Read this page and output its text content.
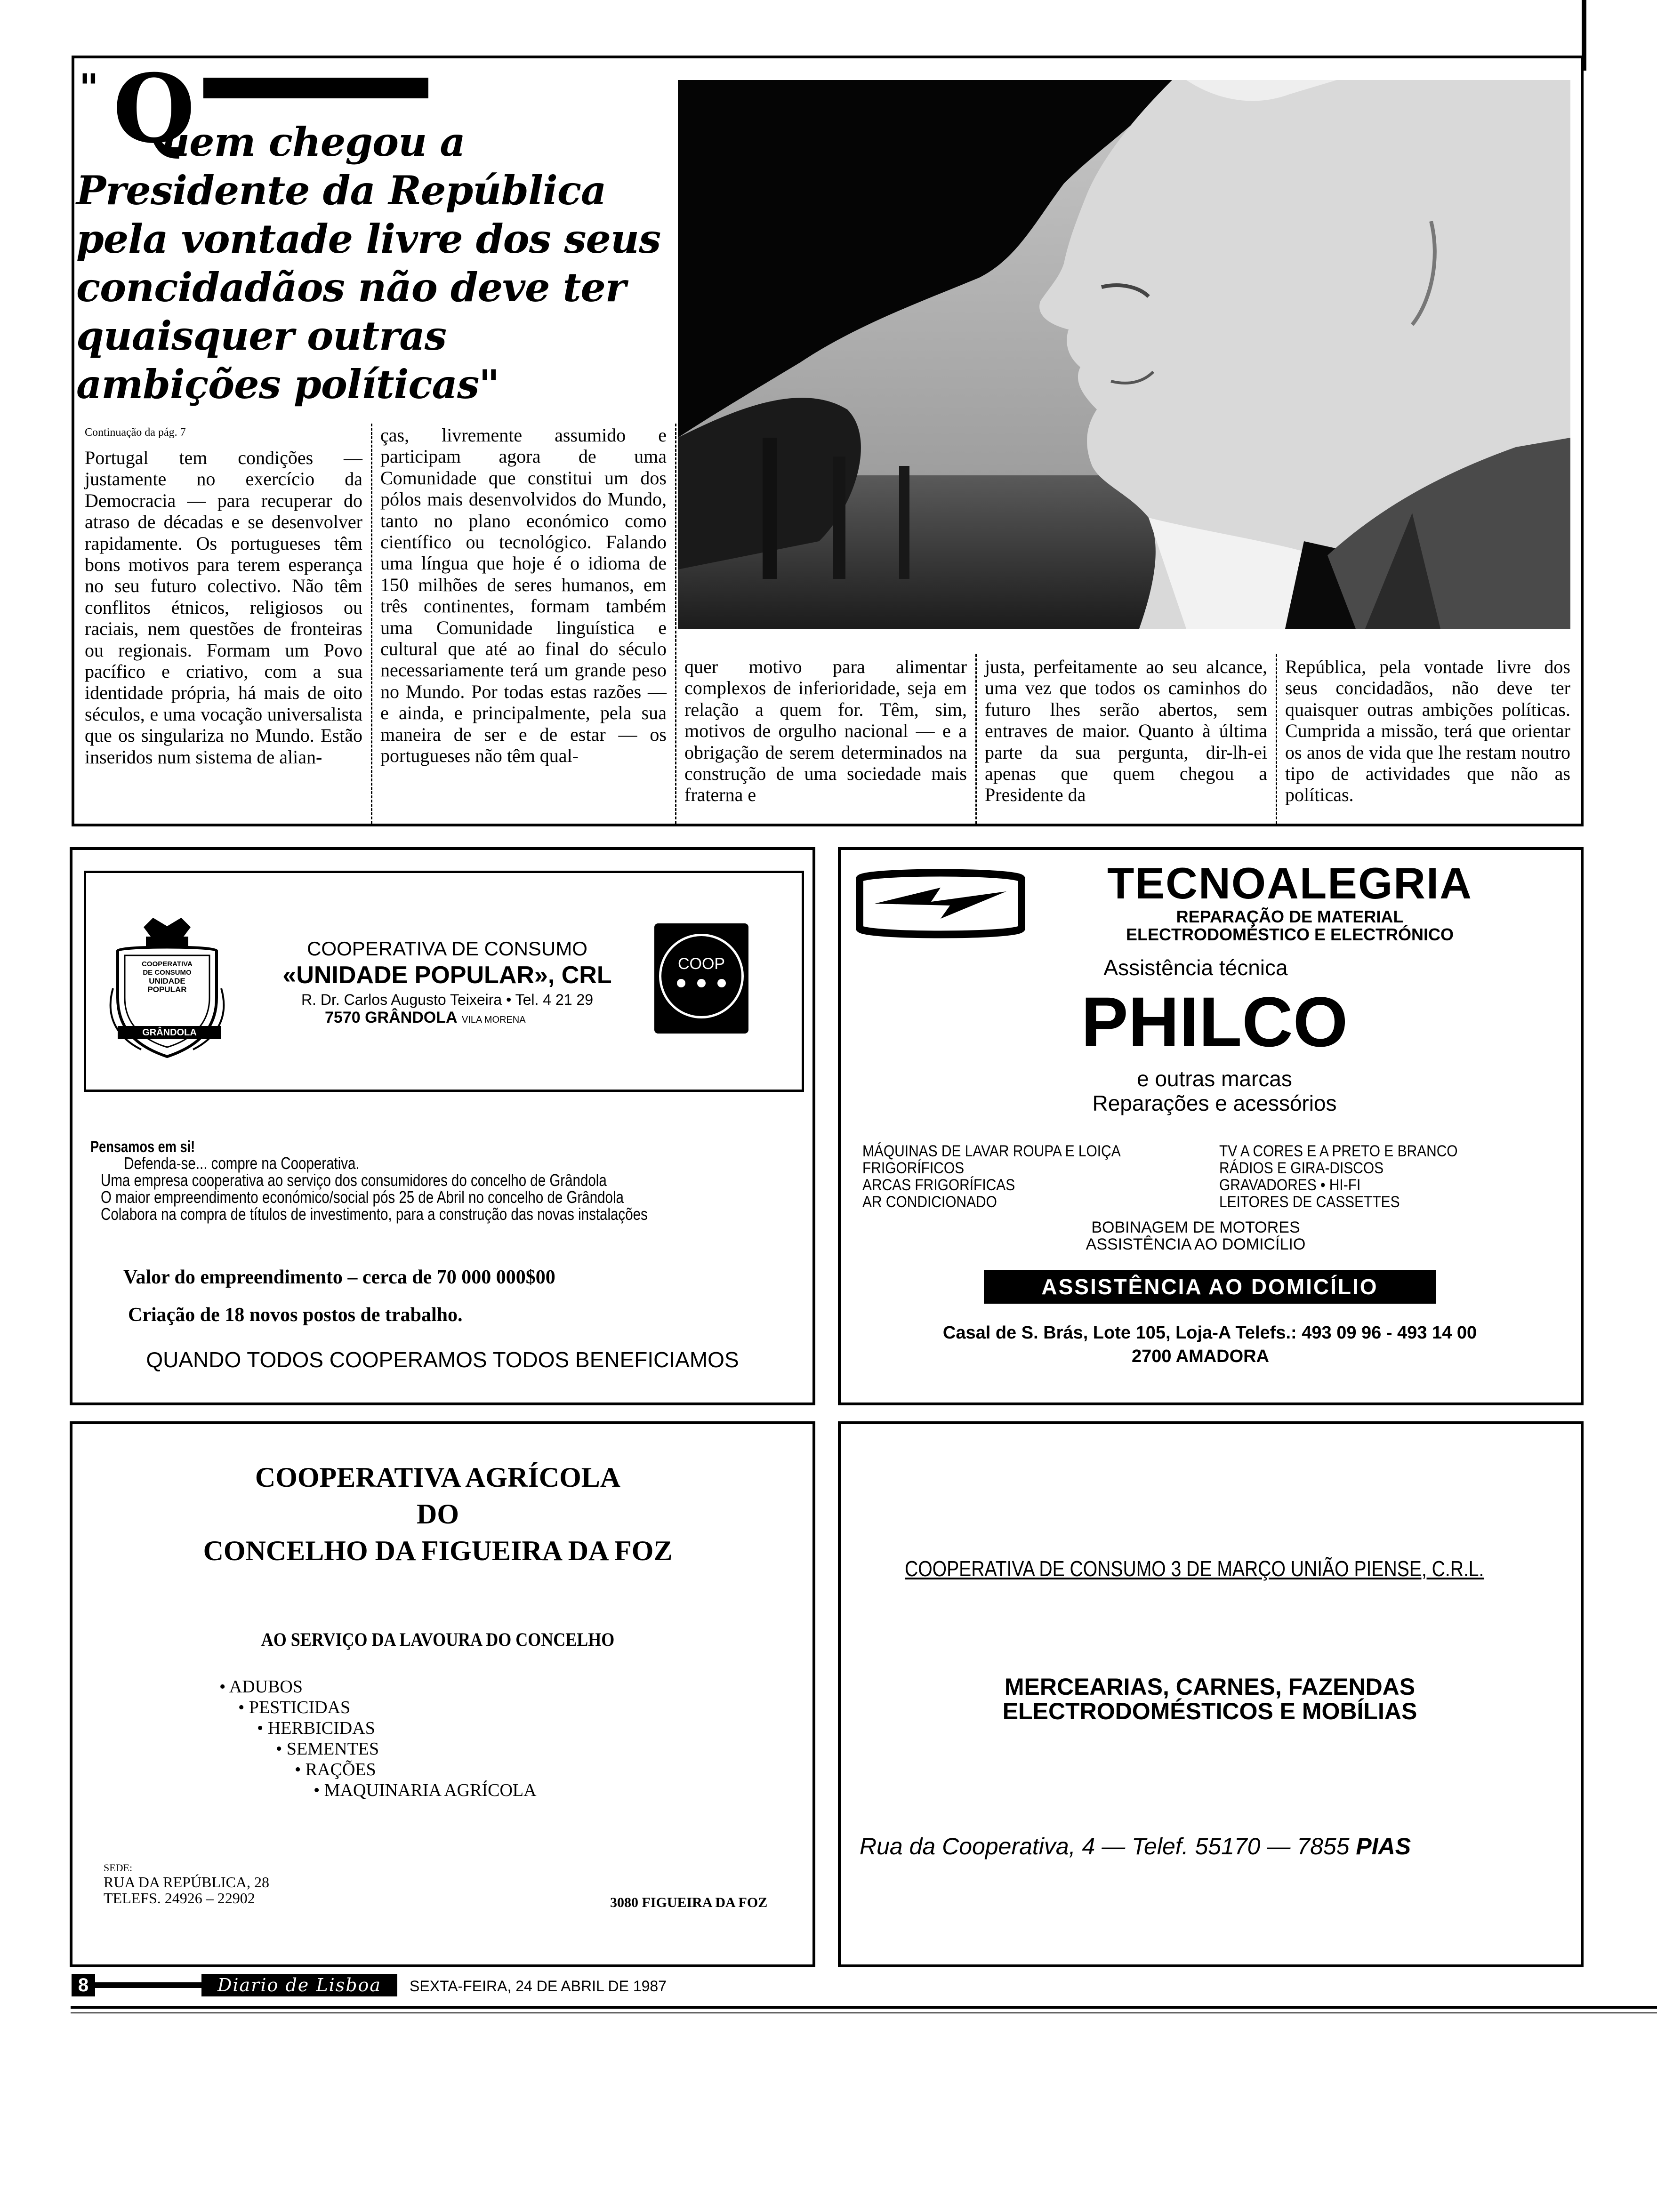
" Q
uem chegou a
Presidente da República
pela vontade livre dos seus
concidadãos não deve ter
quaisquer outras
ambições políticas"
Continuação da pág. 7
Portugal tem condições — justamente no exercício da Democracia — para recuperar do atraso de décadas e se desenvolver rapidamente. Os portugueses têm bons motivos para terem esperança no seu futuro colectivo. Não têm conflitos étnicos, religiosos ou raciais, nem questões de fronteiras ou regionais. Formam um Povo pacífico e criativo, com a sua identidade própria, há mais de oito séculos, e uma vocação universalista que os singulariza no Mundo. Estão inseridos num sistema de alian-
ças, livremente assumido e participam agora de uma Comunidade que constitui um dos pólos mais desenvolvidos do Mundo, tanto no plano económico como científico ou tecnológico. Falando uma língua que hoje é o idioma de 150 milhões de seres humanos, em três continentes, formam também uma Comunidade linguística e cultural que até ao final do século necessariamente terá um grande peso no Mundo. Por todas estas razões — e ainda, e principalmente, pela sua maneira de ser e de estar — os portugueses não têm qual-
quer motivo para alimentar complexos de inferioridade, seja em relação a quem for. Têm, sim, motivos de orgulho nacional — e a obrigação de serem determinados na construção de uma sociedade mais fraterna e
justa, perfeitamente ao seu alcance, uma vez que todos os caminhos do futuro lhes serão abertos, sem entraves de maior. Quanto à última parte da sua pergunta, dir-lh-ei apenas que quem chegou a Presidente da
República, pela vontade livre dos seus concidadãos, não deve ter quaisquer outras ambições políticas. Cumprida a missão, terá que orientar os anos de vida que lhe restam noutro tipo de actividades que não as políticas.
COOPERATIVA
DE CONSUMO
UNIDADE
POPULAR
GRÂNDOLA
COOPERATIVA DE CONSUMO
«UNIDADE POPULAR», CRL
R. Dr. Carlos Augusto Teixeira • Tel. 4 21 29
7570 GRÂNDOLA VILA MORENA
COOP
Pensamos em si!
Defenda-se... compre na Cooperativa.
Uma empresa cooperativa ao serviço dos consumidores do concelho de Grândola
O maior empreendimento económico/social pós 25 de Abril no concelho de Grândola
Colabora na compra de títulos de investimento, para a construção das novas instalações
Valor do empreendimento – cerca de 70 000 000$00
Criação de 18 novos postos de trabalho.
QUANDO TODOS COOPERAMOS TODOS BENEFICIAMOS
TECNOALEGRIA
REPARAÇÃO DE MATERIAL
ELECTRODOMÉSTICO E ELECTRÓNICO
Assistência técnica
PHILCO
e outras marcas
Reparações e acessórios
MÁQUINAS DE LAVAR ROUPA E LOIÇA
FRIGORÍFICOS
ARCAS FRIGORÍFICAS
AR CONDICIONADO
TV A CORES E A PRETO E BRANCO
RÁDIOS E GIRA-DISCOS
GRAVADORES • HI-FI
LEITORES DE CASSETTES
BOBINAGEM DE MOTORES
ASSISTÊNCIA AO DOMICÍLIO
ASSISTÊNCIA AO DOMICÍLIO
Casal de S. Brás, Lote 105, Loja-A Telefs.: 493 09 96 - 493 14 00
2700 AMADORA
COOPERATIVA AGRÍCOLA
DO
CONCELHO DA FIGUEIRA DA FOZ
AO SERVIÇO DA LAVOURA DO CONCELHO
• ADUBOS
• PESTICIDAS
• HERBICIDAS
• SEMENTES
• RAÇÕES
• MAQUINARIA AGRÍCOLA
SEDE:
RUA DA REPÚBLICA, 28
TELEFS. 24926 – 22902	3080 FIGUEIRA DA FOZ
COOPERATIVA DE CONSUMO 3 DE MARÇO UNIÃO PIENSE, C.R.L.
MERCEARIAS, CARNES, FAZENDAS
ELECTRODOMÉSTICOS E MOBÍLIAS
Rua da Cooperativa, 4 — Telef. 55170 — 7855 PIAS
8	Diario de Lisboa	SEXTA-FEIRA, 24 DE ABRIL DE 1987
